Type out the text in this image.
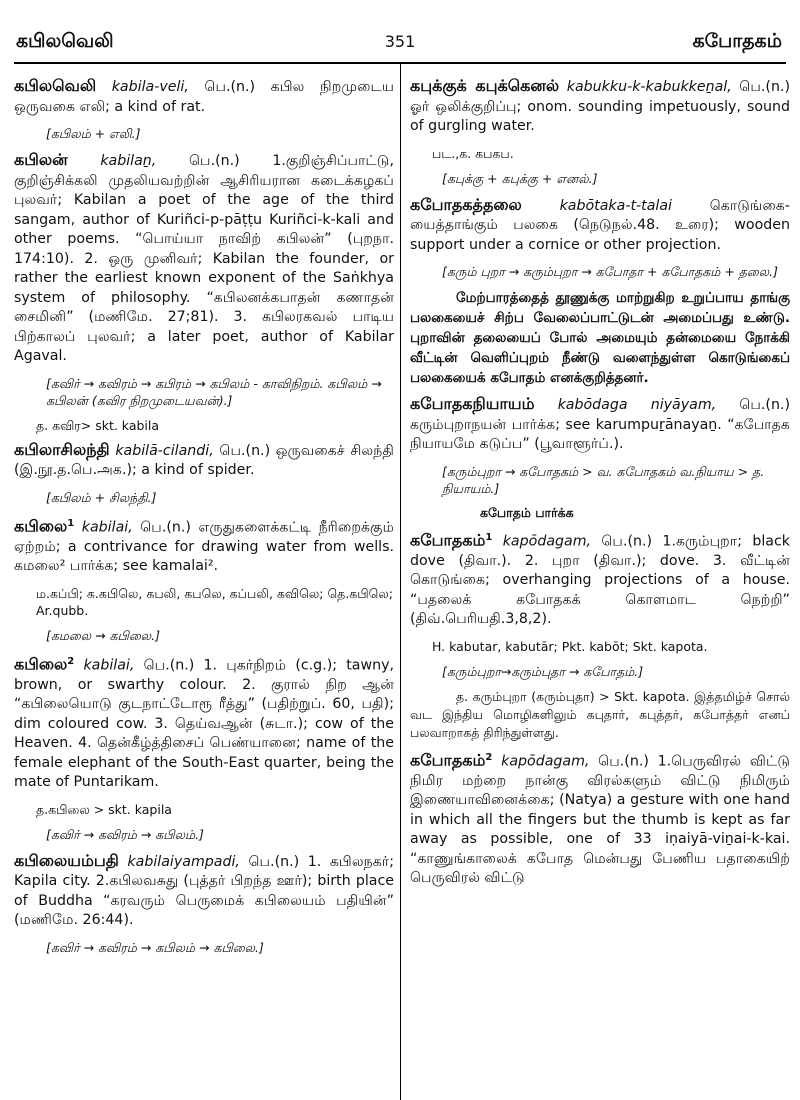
கபிலவெலி	351	கபோதகம்

கபிலவெலி kabila-veli, பெ.(n.) கபில நிறமுடைய ஒருவகை எலி; a kind of rat.

[கபிலம் + எலி.]

கபிலன் kabilaṉ, பெ.(n.) 1.குறிஞ்சிப்பாட்டு, குறிஞ்சிக்கலி முதலியவற்றின் ஆசிரியரான கடைக்கழகப் புலவர்; Kabilan a poet of the age of the third sangam, author of Kuriñci-p-pāṭṭu Kuriñci-k-kali and other poems. “பொய்யா நாவிற் கபிலன்” (புறநா. 174:10). 2. ஒரு முனிவர்; Kabilan the founder, or rather the earliest known exponent of the Saṅkhya system of philosophy. “கபிலனக்கபாதன் கணாதன் சைமினி” (மணிமே. 27;81). 3. கபிலரகவல் பாடிய பிற்காலப் புலவர்; a later poet, author of Kabilar Agaval.

[கவிர் → கவிரம் → கபிரம் → கபிலம் - காவிநிறம். கபிலம் → கபிலன் (கவிர நிறமுடையவன்).]
த. கவிர> skt. kabila

கபிலாசிலந்தி kabilā-cilandi, பெ.(n.) ஒருவகைச் சிலந்தி (இ.நூ.த.பெ.அக.); a kind of spider.

[கபிலம் + சிலந்தி.]

கபிலை$^1$ kabilai, பெ.(n.) எருதுகளைக்கட்டி நீரிறைக்கும் ஏற்றம்; a contrivance for drawing water from wells. கமலை² பார்க்க; see kamalai².

ம.கப்பி; க.கபிலெ, கபலி, கபலெ, கப்பலி, கவிலெ; தெ.கபிலெ; Ar.qubb.
[கமலை → கபிலை.]

கபிலை$^2$ kabilai, பெ.(n.) 1. புகர்நிறம் (c.g.); tawny, brown, or swarthy colour. 2. குரால் நிற ஆன் “கபிலையொடு குடநாட்டோரூ ரீத்து” (பதிற்றுப். 60, பதி); dim coloured cow. 3. தெய்வஆன் (சுடா.); cow of the Heaven. 4. தென்கீழ்த்திசைப் பெண்யானை; name of the female elephant of the South-East quarter, being the mate of Puntarikam.

த.கபிலை > skt. kapila
[கவிர் → கவிரம் → கபிலம்.]

கபிலையம்பதி kabilaiyampadi, பெ.(n.) 1. கபிலநகர்; Kapila city. 2.கபிலவசுது (புத்தர் பிறந்த ஊர்); birth place of Buddha “கரவரும் பெருமைக் கபிலையம் பதியின்” (மணிமே. 26:44).

[கவிர் → கவிரம் → கபிலம் → கபிலை.]

கபுக்குக் கபுக்கெனல் kabukku-k-kabukkeṉal, பெ.(n.) ஓர் ஒலிக்குறிப்பு; onom. sounding impetuously, sound of gurgling water.

பட.,க. கபகப.
[கபுக்கு + கபுக்கு + எனல்.]

கபோதகத்தலை	kabōtaka-t-talai கொடுங்கை-யைத்தாங்கும் பலகை (நெடுநல்.48. உரை); wooden support under a cornice or other projection.

[கரும் புறா → கரும்புறா → கபோதா + கபோதகம் + தலை.]

மேற்பாரத்தைத் தூணுக்கு மாற்றுகிற உறுப்பாய தாங்கு பலகையைச் சிற்ப வேலைப்பாட்டுடன் அமைப்பது உண்டு. புறாவின் தலையைப் போல் அமையும் தன்மையை நோக்கி வீட்டின் வெளிப்புறம் நீண்டு வளைந்துள்ள கொடுங்கைப் பலகையைக் கபோதம் எனக்குறித்தனர்.

கபோதகநியாயம் kabōdaga niyāyam, பெ.(n.) கரும்புறாநயன் பார்க்க; see karumpuṟānayaṉ. “கபோதக நியாயமே கடுப்ப” (பூவாளூர்ப்.).

[கரும்புறா → கபோதகம் > வ. கபோதகம் வ.நியாய > த. நியாயம்.]
கபோதம் பார்க்க

கபோதகம்$^1$ kapōdagam, பெ.(n.) 1.கரும்புறா; black dove (திவா.). 2. புறா (திவா.); dove. 3. வீட்டின் கொடுங்கை; overhanging projections of a house. “பதலைக் கபோதகக் கொளமாட நெற்றி” (திவ்.பெரியதி.3,8,2).

H. kabutar, kabutār; Pkt. kabōt; Skt. kapota.
[கரும்புறா→கரும்புதா → கபோதம்.]

த. கரும்புறா (கரும்புதா) > Skt. kapota. இத்தமிழ்ச் சொல் வட இந்திய மொழிகளிலும் கபுதார், கபுத்தர், கபோத்தர் எனப் பலவாறாகத் திரிந்துள்ளது.

கபோதகம்$^2$ kapōdagam, பெ.(n.) 1.பெருவிரல் விட்டு நிமிர மற்றை நான்கு விரல்களும் விட்டு நிமிரும் இணையாவினைக்கை; (Natya) a gesture with one hand in which all the fingers but the thumb is kept as far away as possible, one of 33 iṇaiyā-viṉai-k-kai. “காணுங்காலைக் கபோத மென்பது பேணிய பதாகையிற் பெருவிரல் விட்டு
